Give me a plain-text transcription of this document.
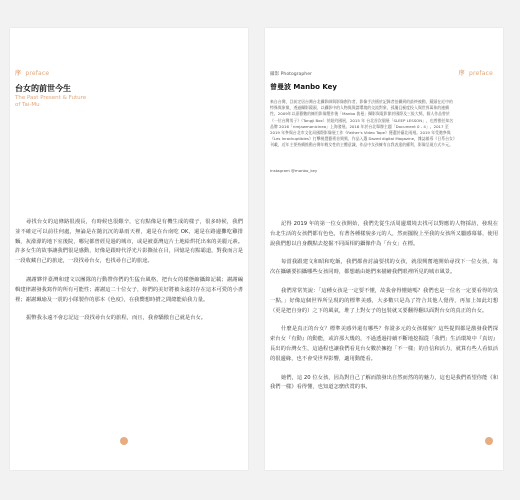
序 preface
台女的前世今生
The Past Present & Future
of Tai-Mu

尋找台女的這條路很漫長，有時候也很艱辛，它有點像是有機生成的樣子，很多時候，我們並不確定可以前往何處，無論是在隨沉沉的暴雨天裡，還是在台南吃 OK，還是在路邊攤吃雞排麵，灰濛濛的地下室後院，哪兒都曾經見過的城市，或是被臺灣這片土地給烘托出來的美麗元素。許多女生的故事讓我們很是感動，好像是跟時代浮光片影撕扯在目，回憶是有點霸道，對我而言是一段收藏自己的旅途，一段找尋台女，也找尋自己的旅途。

謝謝夥伴臺灣和建文以團隊的行動帶你們的生猛台風格，把台女的樣態縮攝錄記載；謝謝編輯建律謝發我寫作的所有可能性；謝謝這二十位女子，妳們的美好將被永遠封存在這本可愛的小書裡；謝謝珮瑜及一震的小隊製作的那本《色度》，在我嚮想時揹之間總能給我力量。

振幣我永遠不會忘記這一段找尋台女的旅程，而且，我會驕傲自己就是台女。

序 preface
攝影 Photographer
曾曼波 Manbo Key

來自台灣，目前定居台灣台北攝影師與影像創作者，影像手法擅於記錄者拍攝到的最終被動，鏡頭在近中的特殊與象徵，透過攝影鏡頭，以攝影中的人物與與謂環境的交流對象，孤獨且極度投入與世界萬象的連續性。2009年以嘉藝數的擁用影像製作後「Manbo 魯曼」攝影與電影節於國際及三級大獎，個人作品曾於《一位台灣男子》（Tongji Box）於紐約國展，2015 年 台北首次個展「SLEEP LESSON」，也曾擔任知名品牌 2016「rimjawmanicinea」上海發展。2016 年於台北舉辦主題「Document 0 - 4」。2017 至 2019 年參與台北市文化局國際影像展工作《Father's Video Tape》獲選於臺北兩週。2019 年受邀參與《Les Inrockuptibles》打擊視覺藝術首獎獎，作品入選 Dazed digital Magazine，雜誌報導《日系台女》刊載，近年主要持續推動台灣年輕女性的主體意識，作品中女孩擁有自我表達的權利，影像呈現方式多元。

Instagram @manbo_key

記得 2019 年的第一位女孩開始，我們先從生活周邊環境去找可以對應的人物採訪，發現在台北生活的女孩們都有色色，有著各種樣貌多元的人，然而擺脫上至我的女孩所又屬感幕幕，使用說我們想以自身觀點去挖掘不同面相的攝像作為「台女」在標。

每當我跟建文和昭和吃飯，我們都會討論要找的女孩，就很興奮地開始尋找下一位女孩，每次在攝礦要拍攝哪些女孩同時，都想藉由她們來描繪我們眼裡所見的城市風景。

我們常常笑說：「這種女孩是一定要不懂，故我會得懂她嗎？我們也是一位名一定要看得的臭一點，」好像這個世界所呈現的的標準美感，大多數只是為了符合其他人覺得，再加上如此幻想（更是把自身的）之下的風氣，堆了上對女子的包裝就又要翻得翻以面對台女的真正的台女。

什麼是真正的台女？標準美感外還有哪些？你證多元的女孩樣貌？這些提問都是激發我們探索台女『有動』的動能，或許那大幾的，不過透過持續不斷地挖掘從「我們」生活環境中『真切』長出的台灣女生，這過程也讓我們看見台女數於擁抱「不一樣」的自信和活力，就算有些人看似活的很邊緣，也不會受世界影響，適用動能看。

她們，這 20 位女孩，因為對自己了解而散發出自然而然的的魅力，這也是我們希望你能《和我們一樣》看得懂，也知道怎麼欣賞的事。
